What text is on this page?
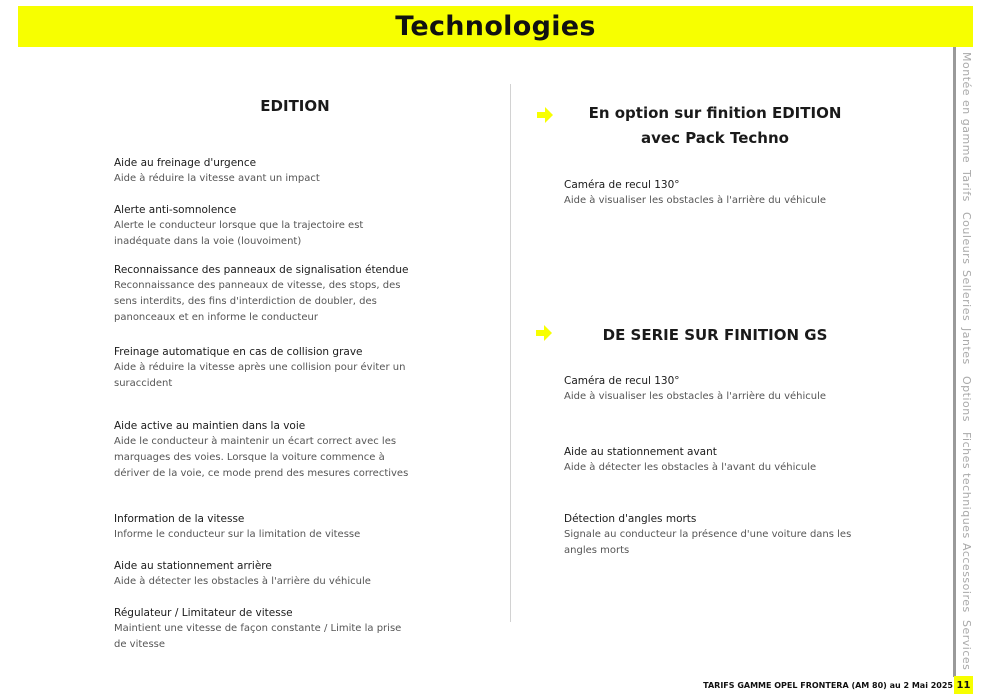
Technologies
EDITION
Aide au freinage d'urgence
Aide à réduire la vitesse avant un impact
Alerte anti-somnolence
Alerte le conducteur lorsque que la trajectoire est
inadéquate dans la voie (louvoiment)
Reconnaissance des panneaux de signalisation étendue
Reconnaissance des panneaux de vitesse, des stops, des
sens interdits, des fins d'interdiction de doubler, des
panonceaux et en informe le conducteur
Freinage automatique en cas de collision grave
Aide à réduire la vitesse après une collision pour éviter un
suraccident
Aide active au maintien dans la voie
Aide le conducteur à maintenir un écart correct avec les
marquages des voies. Lorsque la voiture commence à
dériver de la voie, ce mode prend des mesures correctives
Information de la vitesse
Informe le conducteur sur la limitation de vitesse
Aide au stationnement arrière
Aide à détecter les obstacles à l'arrière du véhicule
Régulateur / Limitateur de vitesse
Maintient une vitesse de façon constante / Limite la prise
de vitesse
En option sur finition EDITION
avec Pack Techno
Caméra de recul 130°
Aide à visualiser les obstacles à l'arrière du véhicule
DE SERIE SUR FINITION GS
Caméra de recul 130°
Aide à visualiser les obstacles à l'arrière du véhicule
Aide au stationnement avant
Aide à détecter les obstacles à l'avant du véhicule
Détection d'angles morts
Signale au conducteur la présence d'une voiture dans les
angles morts
Montée en gamme
Tarifs
Couleurs
Selleries
Jantes
Options
Fiches techniques
Accessoires
Services
TARIFS GAMME OPEL FRONTERA (AM 80) au 2 Mai 2025 11
